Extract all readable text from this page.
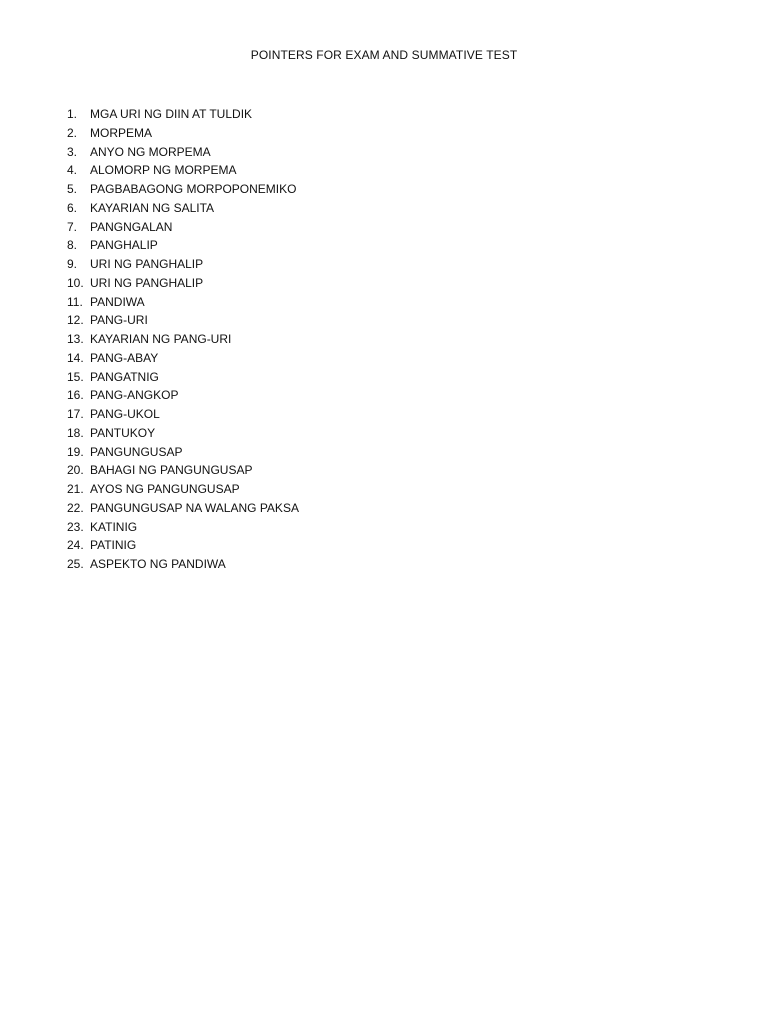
POINTERS FOR EXAM AND SUMMATIVE TEST
1.	MGA URI NG DIIN AT TULDIK
2.	MORPEMA
3.	ANYO NG MORPEMA
4.	ALOMORP NG MORPEMA
5.	PAGBABAGONG MORPOPONEMIKO
6.	KAYARIAN NG SALITA
7.	PANGNGALAN
8.	PANGHALIP
9.	URI NG PANGHALIP
10. URI NG PANGHALIP
11. PANDIWA
12. PANG-URI
13. KAYARIAN NG PANG-URI
14. PANG-ABAY
15. PANGATNIG
16. PANG-ANGKOP
17. PANG-UKOL
18. PANTUKOY
19. PANGUNGUSAP
20. BAHAGI NG PANGUNGUSAP
21. AYOS NG PANGUNGUSAP
22. PANGUNGUSAP NA WALANG PAKSA
23. KATINIG
24. PATINIG
25. ASPEKTO NG PANDIWA
